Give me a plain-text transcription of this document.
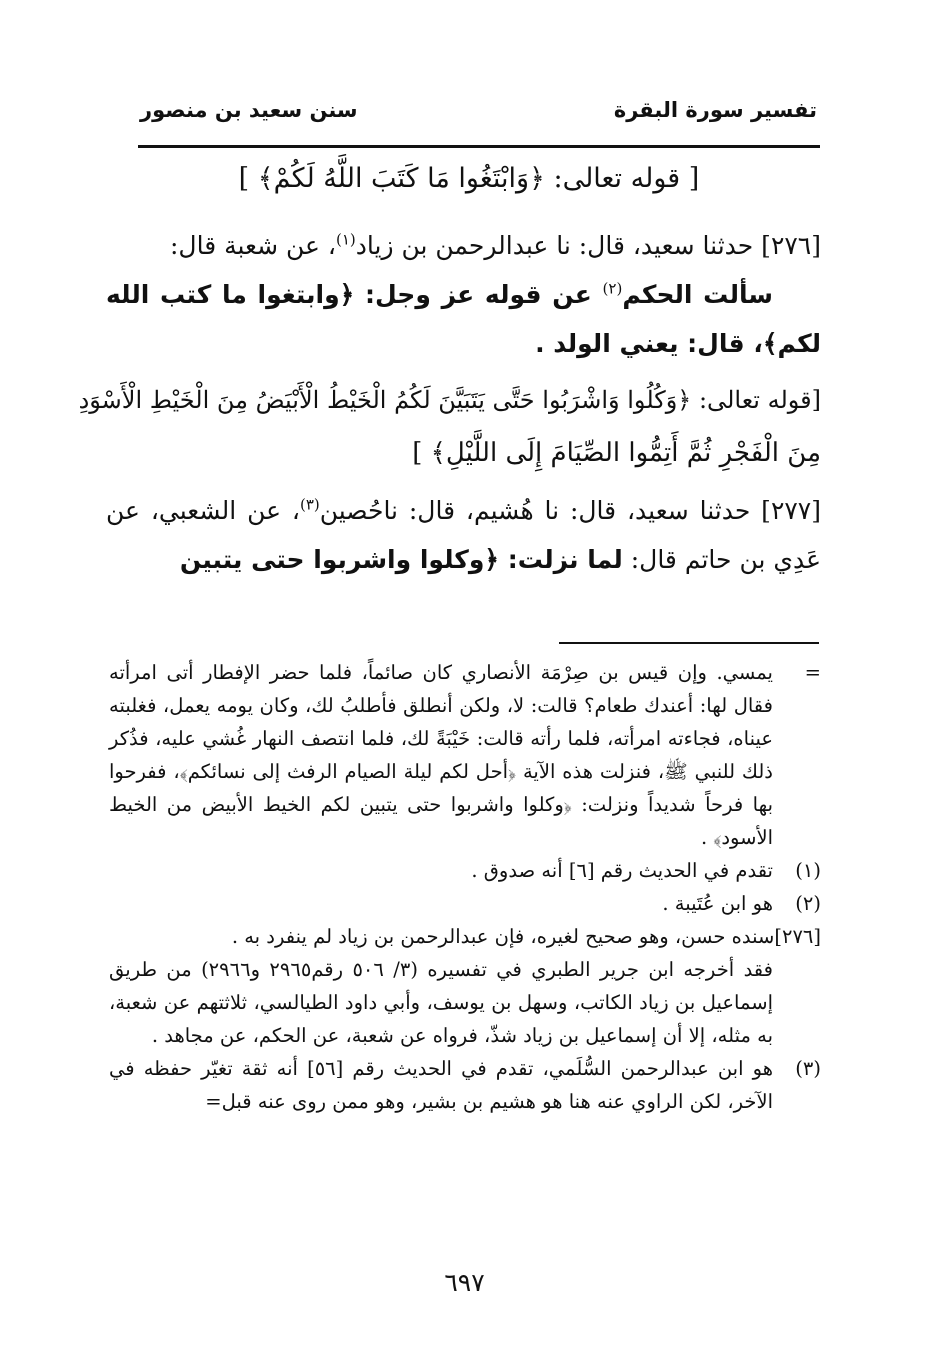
تفسير سورة البقرة
سنن سعيد بن منصور
[ قوله تعالى: ﴿وَابْتَغُوا مَا كَتَبَ اللَّهُ لَكُمْ﴾ ]
[٢٧٦] حدثنا سعيد، قال: نا عبدالرحمن بن زياد$^{(١)}$، عن شعبة قال:
سألت الحكم$^{(٢)}$ عن قوله عز وجل: ﴿وابتغوا ما كتب الله لكم﴾، قال: يعني الولد .
[قوله تعالى: ﴿وَكُلُوا وَاشْرَبُوا حَتَّى يَتَبَيَّنَ لَكُمُ الْخَيْطُ الْأَبْيَضُ مِنَ الْخَيْطِ الْأَسْوَدِ
مِنَ الْفَجْرِ ثُمَّ أَتِمُّوا الصِّيَامَ إِلَى اللَّيْلِ﴾ ]
[٢٧٧] حدثنا سعيد، قال: نا هُشيم، قال: ناحُصين$^{(٣)}$، عن الشعبي، عن عَدِي بن حاتم قال: لما نزلت: ﴿وكلوا واشربوا حتى يتبين
=
يمسي. وإن قيس بن صِرْمَة الأنصاري كان صائماً، فلما حضر الإفطار أتى امرأته فقال لها: أعندك طعام؟ قالت: لا، ولكن أنطلق فأطلبُ لك، وكان يومه يعمل، فغلبته عيناه، فجاءته امرأته، فلما رأته قالت: خَيْبَةً لك، فلما انتصف النهار غُشي عليه، فذُكر ذلك للنبي ﷺ، فنزلت هذه الآية ﴿أحل لكم ليلة الصيام الرفث إلى نسائكم﴾، ففرحوا بها فرحاً شديداً ونزلت: ﴿وكلوا واشربوا حتى يتبين لكم الخيط الأبيض من الخيط الأسود﴾ .
(١)
تقدم في الحديث رقم [٦] أنه صدوق .
(٢)
هو ابن عُتَيبة .
[٢٧٦]سنده حسن، وهو صحيح لغيره، فإن عبدالرحمن بن زياد لم ينفرد به .
فقد أخرجه ابن جرير الطبري في تفسيره (٣/ ٥٠٦ رقم٢٩٦٥ و٢٩٦٦) من طريق إسماعيل بن زياد الكاتب، وسهل بن يوسف، وأبي داود الطيالسي، ثلاثتهم عن شعبة، به مثله، إلا أن إسماعيل بن زياد شذّ، فرواه عن شعبة، عن الحكم، عن مجاهد .
(٣)
هو ابن عبدالرحمن السُّلَمي، تقدم في الحديث رقم [٥٦] أنه ثقة تغيّر حفظه في الآخر، لكن الراوي عنه هنا هو هشيم بن بشير، وهو ممن روى عنه قبل=
٦٩٧
